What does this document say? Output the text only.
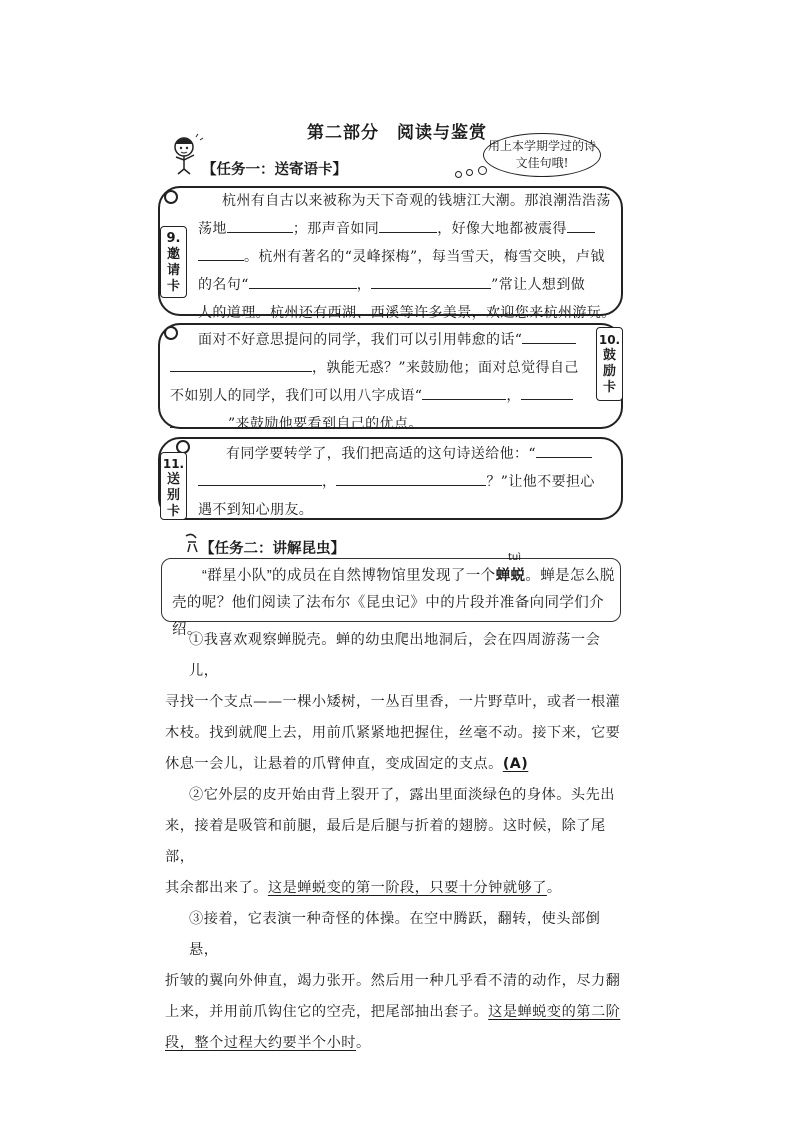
第二部分　阅读与鉴赏
【任务一：送寄语卡】
用上本学期学过的诗文佳句哦!
9.
邀请卡
杭州有自古以来被称为天下奇观的钱塘江大潮。那浪潮浩浩荡
荡地	；那声音如同	，好像大地都被震得
。杭州有著名的“灵峰探梅”，每当雪天，梅雪交映，卢钺
的名句“	，	”常让人想到做
人的道理。杭州还有西湖、西溪等许多美景，欢迎您来杭州游玩。
10.
鼓励卡
面对不好意思提问的同学，我们可以引用韩愈的话“
，孰能无惑？”来鼓励他；面对总觉得自己
不如别人的同学，我们可以用八字成语“	，
”来鼓励他要看到自己的优点。
11.
送别卡
有同学要转学了，我们把高适的这句诗送给他：“
，	？”让他不要担心
遇不到知心朋友。
【任务二：讲解昆虫】
tuì
“群星小队”的成员在自然博物馆里发现了一个蝉蜕。蝉是怎么脱
壳的呢？他们阅读了法布尔《昆虫记》中的片段并准备向同学们介绍。
①我喜欢观察蝉脱壳。蝉的幼虫爬出地洞后，会在四周游荡一会儿，
寻找一个支点——一棵小矮树，一丛百里香，一片野草叶，或者一根灌
木枝。找到就爬上去，用前爪紧紧地把握住，丝毫不动。接下来，它要
休息一会儿，让悬着的爪臂伸直，变成固定的支点。(A)
②它外层的皮开始由背上裂开了，露出里面淡绿色的身体。头先出
来，接着是吸管和前腿，最后是后腿与折着的翅膀。这时候，除了尾部，
其余都出来了。这是蝉蜕变的第一阶段，只要十分钟就够了。
③接着，它表演一种奇怪的体操。在空中腾跃，翻转，使头部倒悬，
折皱的翼向外伸直，竭力张开。然后用一种几乎看不清的动作，尽力翻
上来，并用前爪钩住它的空壳，把尾部抽出套子。这是蝉蜕变的第二阶
段，整个过程大约要半个小时。
